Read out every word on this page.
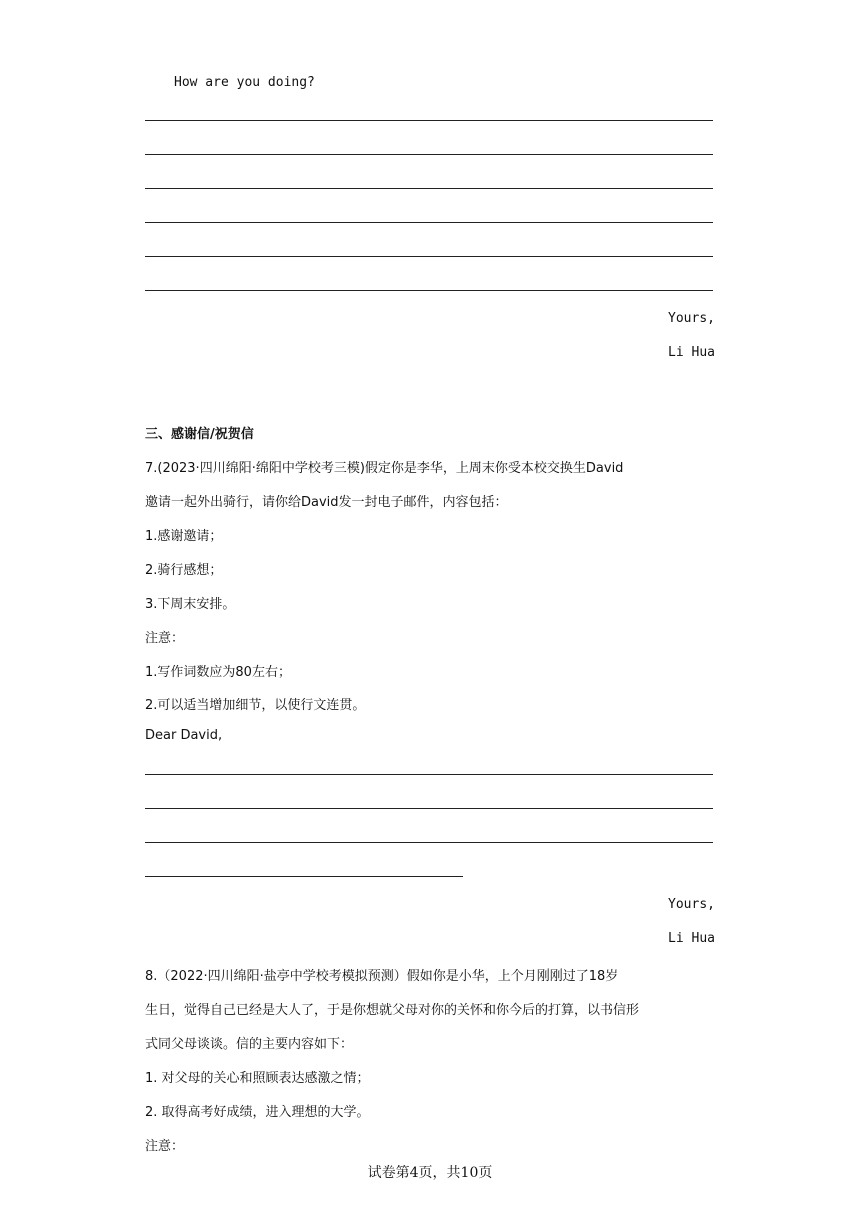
How are you doing?
Yours,
Li Hua
三、感谢信/祝贺信
7.(2023·四川绵阳·绵阳中学校考三模)假定你是李华，上周末你受本校交换生David
邀请一起外出骑行，请你给David发一封电子邮件，内容包括：
1.感谢邀请；
2.骑行感想；
3.下周末安排。
注意：
1.写作词数应为80左右；
2.可以适当增加细节，以使行文连贯。
Dear David,
Yours,
Li Hua
8.（2022·四川绵阳·盐亭中学校考模拟预测）假如你是小华，上个月刚刚过了18岁
生日，觉得自己已经是大人了，于是你想就父母对你的关怀和你今后的打算，以书信形
式同父母谈谈。信的主要内容如下：
1. 对父母的关心和照顾表达感激之情；
2. 取得高考好成绩，进入理想的大学。
注意：
试卷第4页，共10页
